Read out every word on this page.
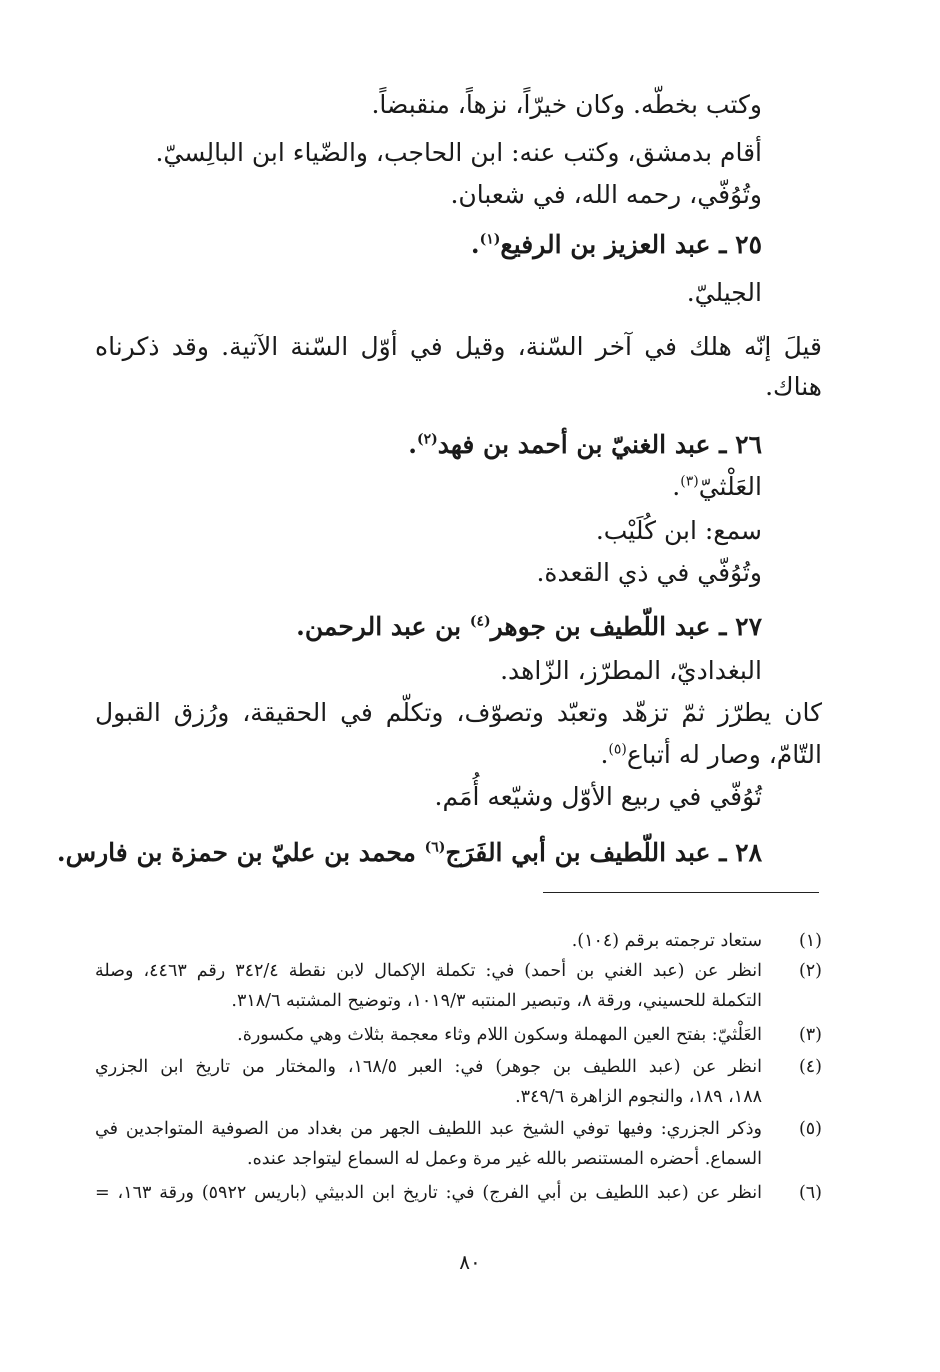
وكتب بخطّه. وكان خيرّاً، نزهاً، منقبضاً.
أقام بدمشق، وكتب عنه: ابن الحاجب، والضّياء ابن البالِسيّ.
وتُوُفّي، رحمه الله، في شعبان.
٢٥ ـ عبد العزيز بن الرفيع$^{(١)}$.
الجيليّ.
قيلَ إنّه هلك في آخر السّنة، وقيل في أوّل السّنة الآتية. وقد ذكرناه
هناك.
٢٦ ـ عبد الغنيّ بن أحمد بن فهد$^{(٢)}$.
العَلْثيّ$^{(٣)}$.
سمع: ابن كُلَيْب.
وتُوُفّي في ذي القعدة.
٢٧ ـ عبد اللّطيف بن جوهر$^{(٤)}$ بن عبد الرحمن.
البغداديّ، المطرّز، الزّاهد.
كان يطرّز ثمّ تزهّد وتعبّد وتصوّف، وتكلّم في الحقيقة، ورُزق القبول
التّامّ، وصار له أتباع$^{(٥)}$.
تُوُفّي في ربيع الأوّل وشيّعه أُمَم.
٢٨ ـ عبد اللّطيف بن أبي الفَرَج$^{(٦)}$ محمد بن عليّ بن حمزة بن فارس.
(١)
ستعاد ترجمته برقم (١٠٤).
(٢)
انظر عن (عبد الغني بن أحمد) في: تكملة الإكمال لابن نقطة ٣٤٢/٤ رقم ٤٤٦٣، وصلة
التكملة للحسيني، ورقة ٨، وتبصير المنتبه ١٠١٩/٣، وتوضيح المشتبه ٣١٨/٦.
(٣)
العَلْثيّ: بفتح العين المهملة وسكون اللام وثاء معجمة بثلاث وهي مكسورة.
(٤)
انظر عن (عبد اللطيف بن جوهر) في: العبر ١٦٨/٥، والمختار من تاريخ ابن الجزري
١٨٨، ١٨٩، والنجوم الزاهرة ٣٤٩/٦.
(٥)
وذكر الجزري: وفيها توفي الشيخ عبد اللطيف الجهر من بغداد من الصوفية المتواجدين في
السماع. أحضره المستنصر بالله غير مرة وعمل له السماع ليتواجد عنده.
(٦)
انظر عن (عبد اللطيف بن أبي الفرج) في: تاريخ ابن الدبيثي (باريس ٥٩٢٢) ورقة ١٦٣، =
٨٠
